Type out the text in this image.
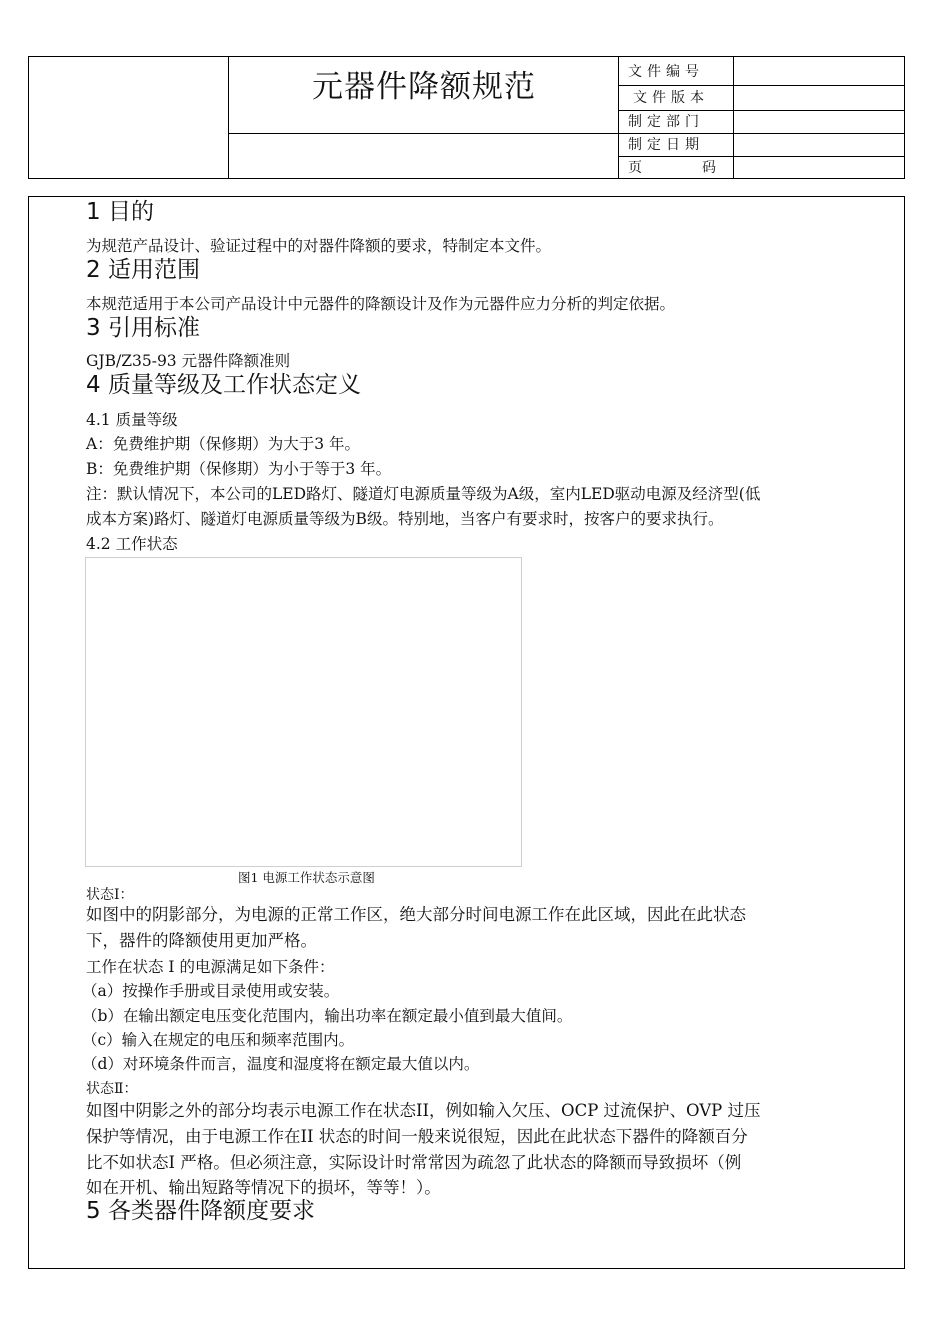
元器件降额规范	文件编号
文件版本
制定部门
制定日期
页	码
1 目的
为规范产品设计、验证过程中的对器件降额的要求，特制定本文件。
2 适用范围
本规范适用于本公司产品设计中元器件的降额设计及作为元器件应力分析的判定依据。
3 引用标准
GJB/Z35-93 元器件降额准则
4 质量等级及工作状态定义
4.1 质量等级
A：免费维护期（保修期）为大于3 年。
B：免费维护期（保修期）为小于等于3 年。
注：默认情况下，本公司的LED路灯、隧道灯电源质量等级为A级，室内LED驱动电源及经济型(低
成本方案)路灯、隧道灯电源质量等级为B级。特别地，当客户有要求时，按客户的要求执行。
4.2 工作状态
图1 电源工作状态示意图
状态I：
如图中的阴影部分，为电源的正常工作区，绝大部分时间电源工作在此区域，因此在此状态
下，器件的降额使用更加严格。
工作在状态 I 的电源满足如下条件：
（a）按操作手册或目录使用或安装。
（b）在输出额定电压变化范围内，输出功率在额定最小值到最大值间。
（c）输入在规定的电压和频率范围内。
（d）对环境条件而言，温度和湿度将在额定最大值以内。
状态Ⅱ：
如图中阴影之外的部分均表示电源工作在状态II，例如输入欠压、OCP 过流保护、OVP 过压
保护等情况，由于电源工作在II 状态的时间一般来说很短，因此在此状态下器件的降额百分
比不如状态I 严格。但必须注意，实际设计时常常因为疏忽了此状态的降额而导致损坏（例
如在开机、输出短路等情况下的损坏，等等！）。
5 各类器件降额度要求
